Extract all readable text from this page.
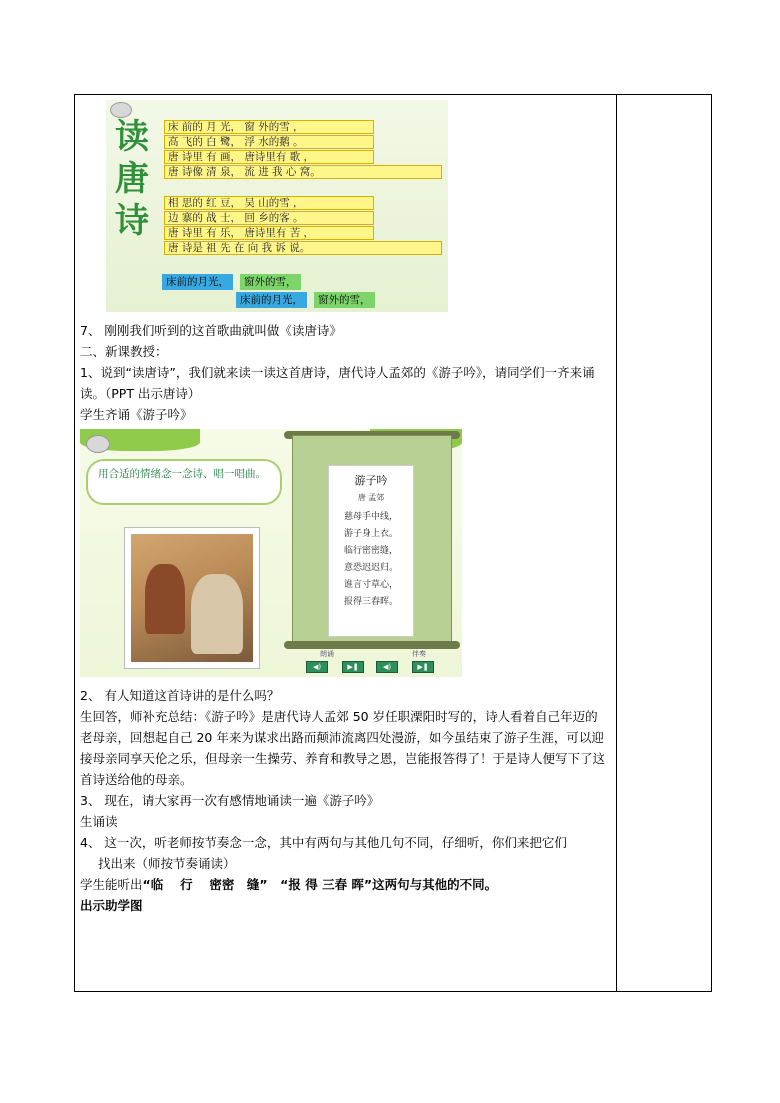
读
唐
诗
床 前的 月 光， 窗 外的雪 ，
高 飞的 白 鹭， 浮 水的鹅 。
唐 诗里 有 画， 唐诗里有 歌 ，
唐 诗像 清 泉， 流 进 我 心 窝。
相 思的 红 豆， 吴 山的雪 ，
边 寨的 战 士， 回 乡的客 。
唐 诗里 有 乐， 唐诗里有 苦 ，
唐 诗是 祖 先 在 向 我 诉 说。
床前的月光，	窗外的雪，
床前的月光，	窗外的雪，

7、 刚刚我们听到的这首歌曲就叫做《读唐诗》

二、新课教授：

1、说到“读唐诗”，我们就来读一读这首唐诗，唐代诗人孟郊的《游子吟》，请同学们一齐来诵读。（PPT 出示唐诗）

学生齐诵《游子吟》

用合适的情绪念一念诗、唱一唱曲。	游子吟
唐 孟郊
慈母手中线，
游子身上衣。
临行密密缝，
意恐迟迟归。
谁言寸草心，
报得三春晖。
朗诵	伴奏
◀)	▶❚	◀)	▶❚

2、 有人知道这首诗讲的是什么吗？

生回答，师补充总结：《游子吟》是唐代诗人孟郊 50 岁任职溧阳时写的，诗人看着自己年迈的老母亲，回想起自己 20 年来为谋求出路而颠沛流离四处漫游，如今虽结束了游子生涯，可以迎接母亲同享天伦之乐，但母亲一生操劳、养育和教导之恩，岂能报答得了！于是诗人便写下了这首诗送给他的母亲。

3、 现在，请大家再一次有感情地诵读一遍《游子吟》

生诵读

4、 这一次，听老师按节奏念一念，其中有两句与其他几句不同，仔细听，你们来把它们

找出来（师按节奏诵读）

学生能听出“临　 行　 密密　缝”　“报 得 三春 晖”这两句与其他的不同。

出示助学图
